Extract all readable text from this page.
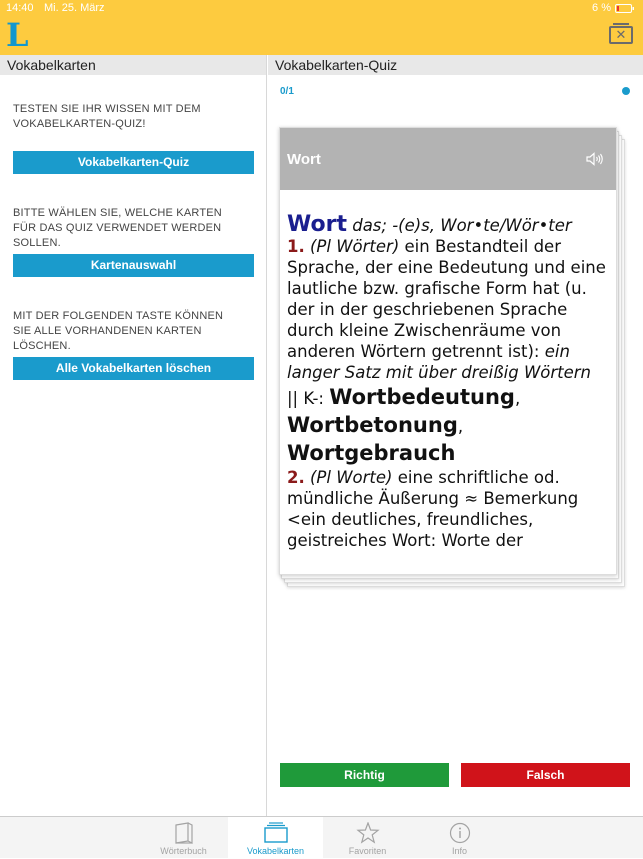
L	✕
14:40 Mi. 25. März	6 %
Vokabelkarten
TESTEN SIE IHR WISSEN MIT DEM VOKABELKARTEN-QUIZ!
Vokabelkarten-Quiz
BITTE WÄHLEN SIE, WELCHE KARTEN FÜR DAS QUIZ VERWENDET WERDEN SOLLEN.
Kartenauswahl
MIT DER FOLGENDEN TASTE KÖNNEN SIE ALLE VORHANDENEN KARTEN LÖSCHEN.
Alle Vokabelkarten löschen
Vokabelkarten-Quiz
0/1
Wort
Wort das; -(e)s, Wor•te/Wör•ter
1. (Pl Wörter) ein Bestandteil der Sprache, der eine Bedeutung und eine lautliche bzw. grafische Form hat (u. der in der geschriebenen Sprache durch kleine Zwischenräume von anderen Wörtern getrennt ist): ein langer Satz mit über dreißig Wörtern
|| K-: Wortbedeutung, Wortbetonung, Wortgebrauch
2. (Pl Worte) eine schriftliche od. mündliche Äußerung ≈ Bemerkung <ein deutliches, freundliches, geistreiches Wort: Worte der
Richtig	Falsch
Wörterbuch	Vokabelkarten	Favoriten	Info
